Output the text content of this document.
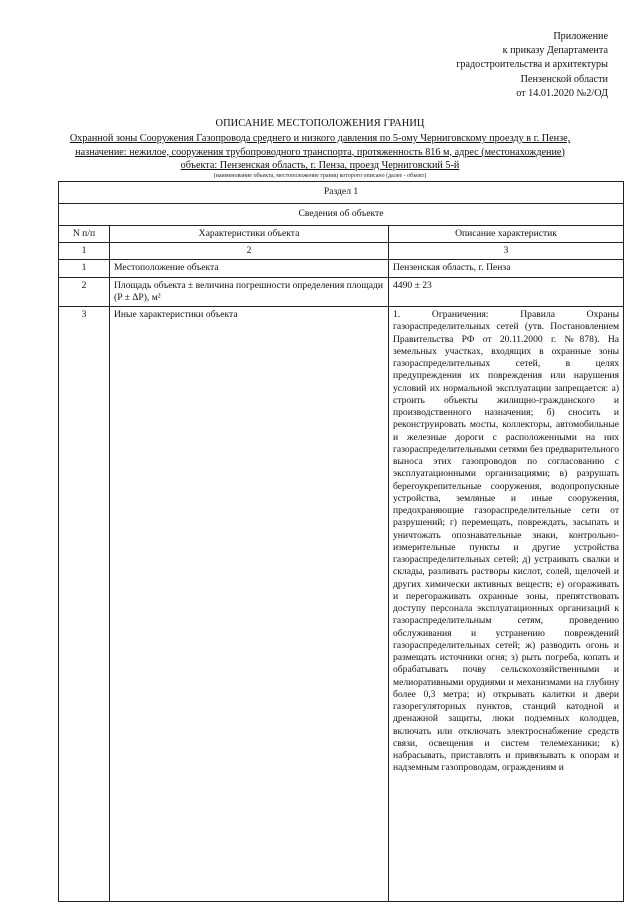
Приложение
к приказу Департамента
градостроительства и архитектуры
Пензенской области
от 14.01.2020 №2/ОД
ОПИСАНИЕ МЕСТОПОЛОЖЕНИЯ ГРАНИЦ
Охранной зоны Сооружения Газопровода среднего и низкого давления по 5-ому Черниговскому проезду в г. Пензе,
назначение: нежилое, сооружения трубопроводного транспорта, протяженность 816 м, адрес (местонахождение)
объекта: Пензенская область, г. Пенза, проезд Черниговский 5-й
(наименование объекта, местоположение границ которого описано (далее - объект)
Раздел 1		
Сведения об объекте		
N п/п	Характеристики объекта	Описание характеристик
1	2	3
1	Местоположение объекта	Пензенская область, г. Пенза
2	Площадь объекта ± величина погрешности определения площади (P ± ΔP), м²	4490 ± 23
3	Иные характеристики объекта	1. Ограничения: Правила Охраны газораспределительных сетей (утв. Постановлением Правительства РФ от 20.11.2000 г. №878). На земельных участках, входящих в охранные зоны газораспределительных сетей, в целях предупреждения их повреждения или нарушения условий их нормальной эксплуатации запрещается: а) строить объекты жилищно-гражданского и производственного назначения; б) сносить и реконструировать мосты, коллекторы, автомобильные и железные дороги с расположенными на них газораспределительными сетями без предварительного выноса этих газопроводов по согласованию с эксплуатационными организациями; в) разрушать берегоукрепительные сооружения, водопропускные устройства, земляные и иные сооружения, предохраняющие газораспределительные сети от разрушений; г) перемещать, повреждать, засыпать и уничтожать опознавательные знаки, контрольно-измерительные пункты и другие устройства газораспределительных сетей; д) устраивать свалки и склады, разливать растворы кислот, солей, щелочей и других химически активных веществ; е) огораживать и перегораживать охранные зоны, препятствовать доступу персонала эксплуатационных организаций к газораспределительным сетям, проведению обслуживания и устранению повреждений газораспределительных сетей; ж) разводить огонь и размещать источники огня; з) рыть погреба, копать и обрабатывать почву сельскохозяйственными и мелиоративными орудиями и механизмами на глубину более 0,3 метра; и) открывать калитки и двери газорегуляторных пунктов, станций катодной и дренажной защиты, люки подземных колодцев, включать или отключать электроснабжение средств связи, освещения и систем телемеханики; к) набрасывать, приставлять и привязывать к опорам и надземным газопроводам, ограждениям и
